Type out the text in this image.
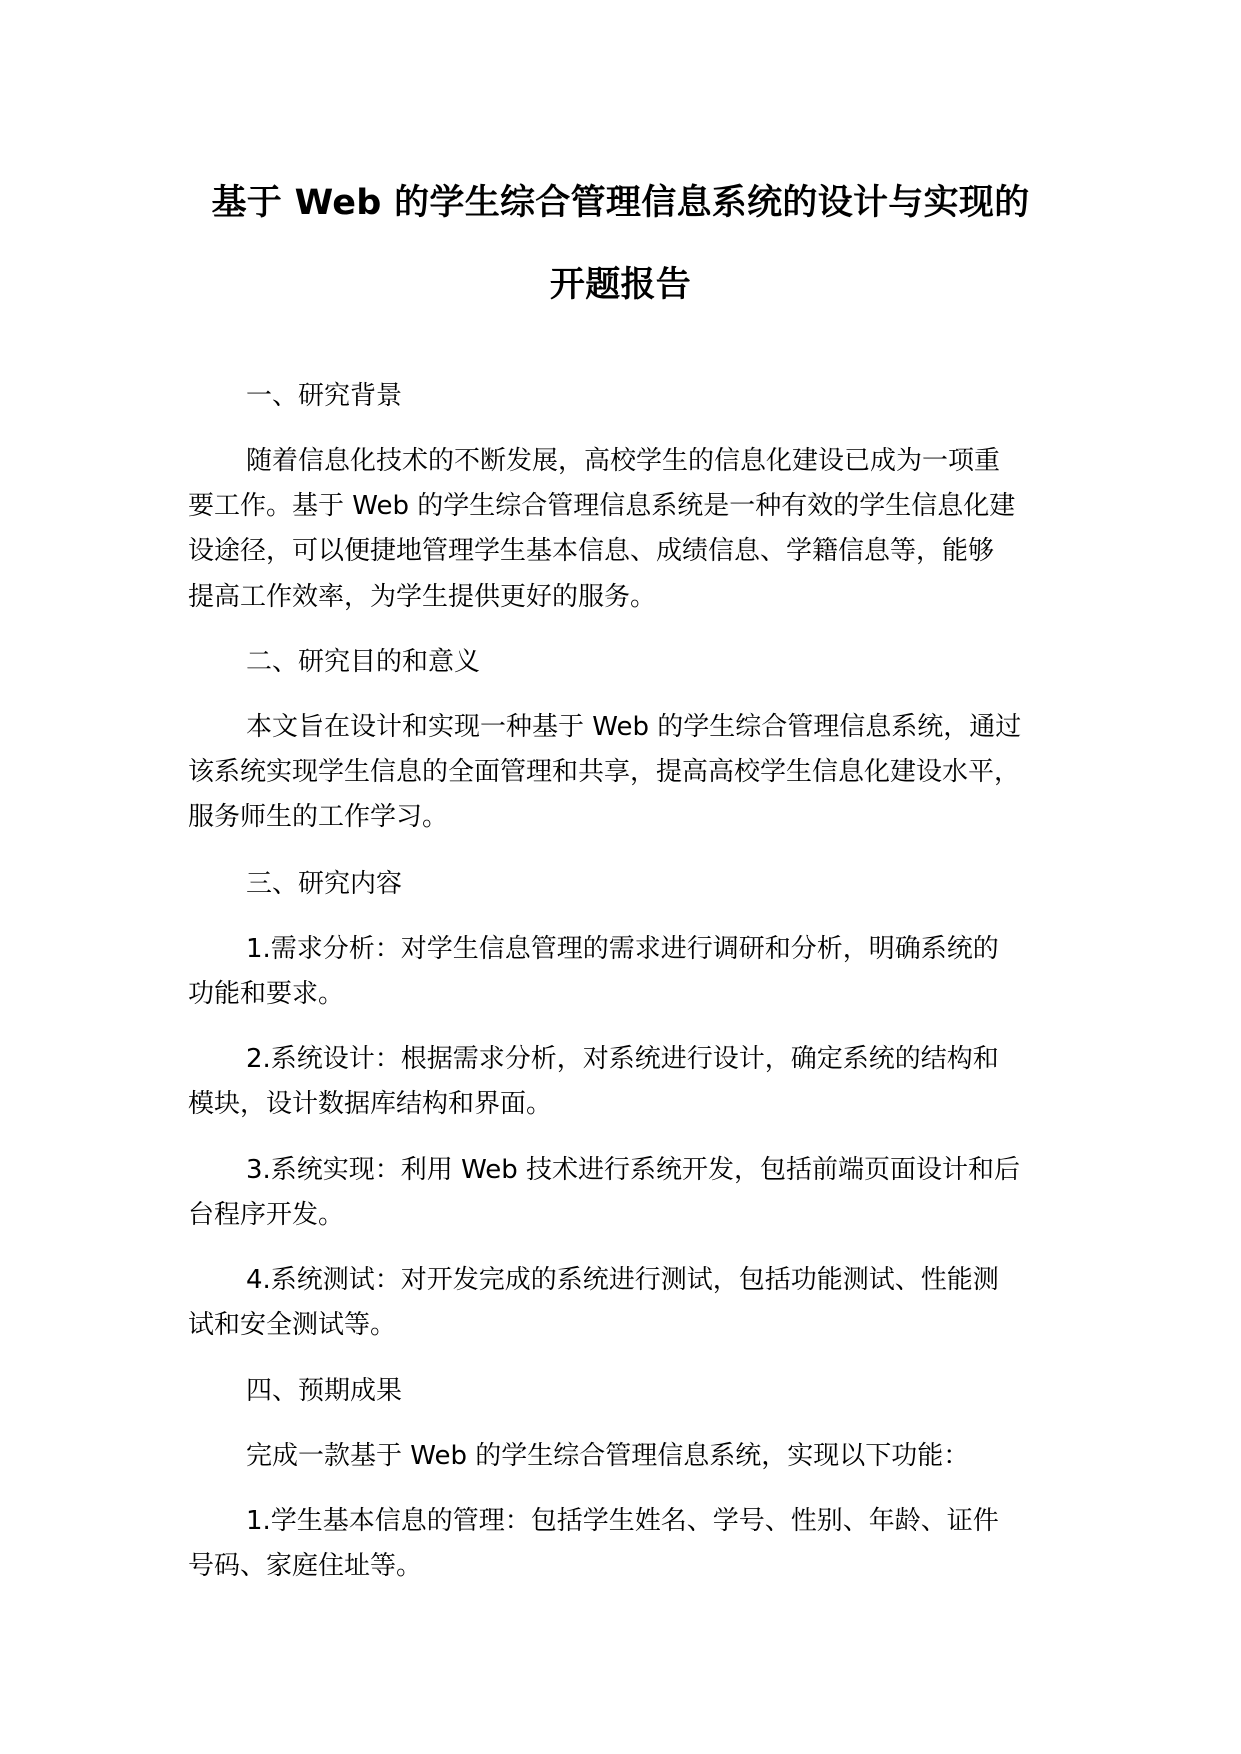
基于 Web 的学生综合管理信息系统的设计与实现的
开题报告
一、研究背景
随着信息化技术的不断发展，高校学生的信息化建设已成为一项重
要工作。基于 Web 的学生综合管理信息系统是一种有效的学生信息化建
设途径，可以便捷地管理学生基本信息、成绩信息、学籍信息等，能够
提高工作效率，为学生提供更好的服务。
二、研究目的和意义
本文旨在设计和实现一种基于 Web 的学生综合管理信息系统，通过
该系统实现学生信息的全面管理和共享，提高高校学生信息化建设水平，
服务师生的工作学习。
三、研究内容
1.需求分析：对学生信息管理的需求进行调研和分析，明确系统的
功能和要求。
2.系统设计：根据需求分析，对系统进行设计，确定系统的结构和
模块，设计数据库结构和界面。
3.系统实现：利用 Web 技术进行系统开发，包括前端页面设计和后
台程序开发。
4.系统测试：对开发完成的系统进行测试，包括功能测试、性能测
试和安全测试等。
四、预期成果
完成一款基于 Web 的学生综合管理信息系统，实现以下功能：
1.学生基本信息的管理：包括学生姓名、学号、性别、年龄、证件
号码、家庭住址等。
